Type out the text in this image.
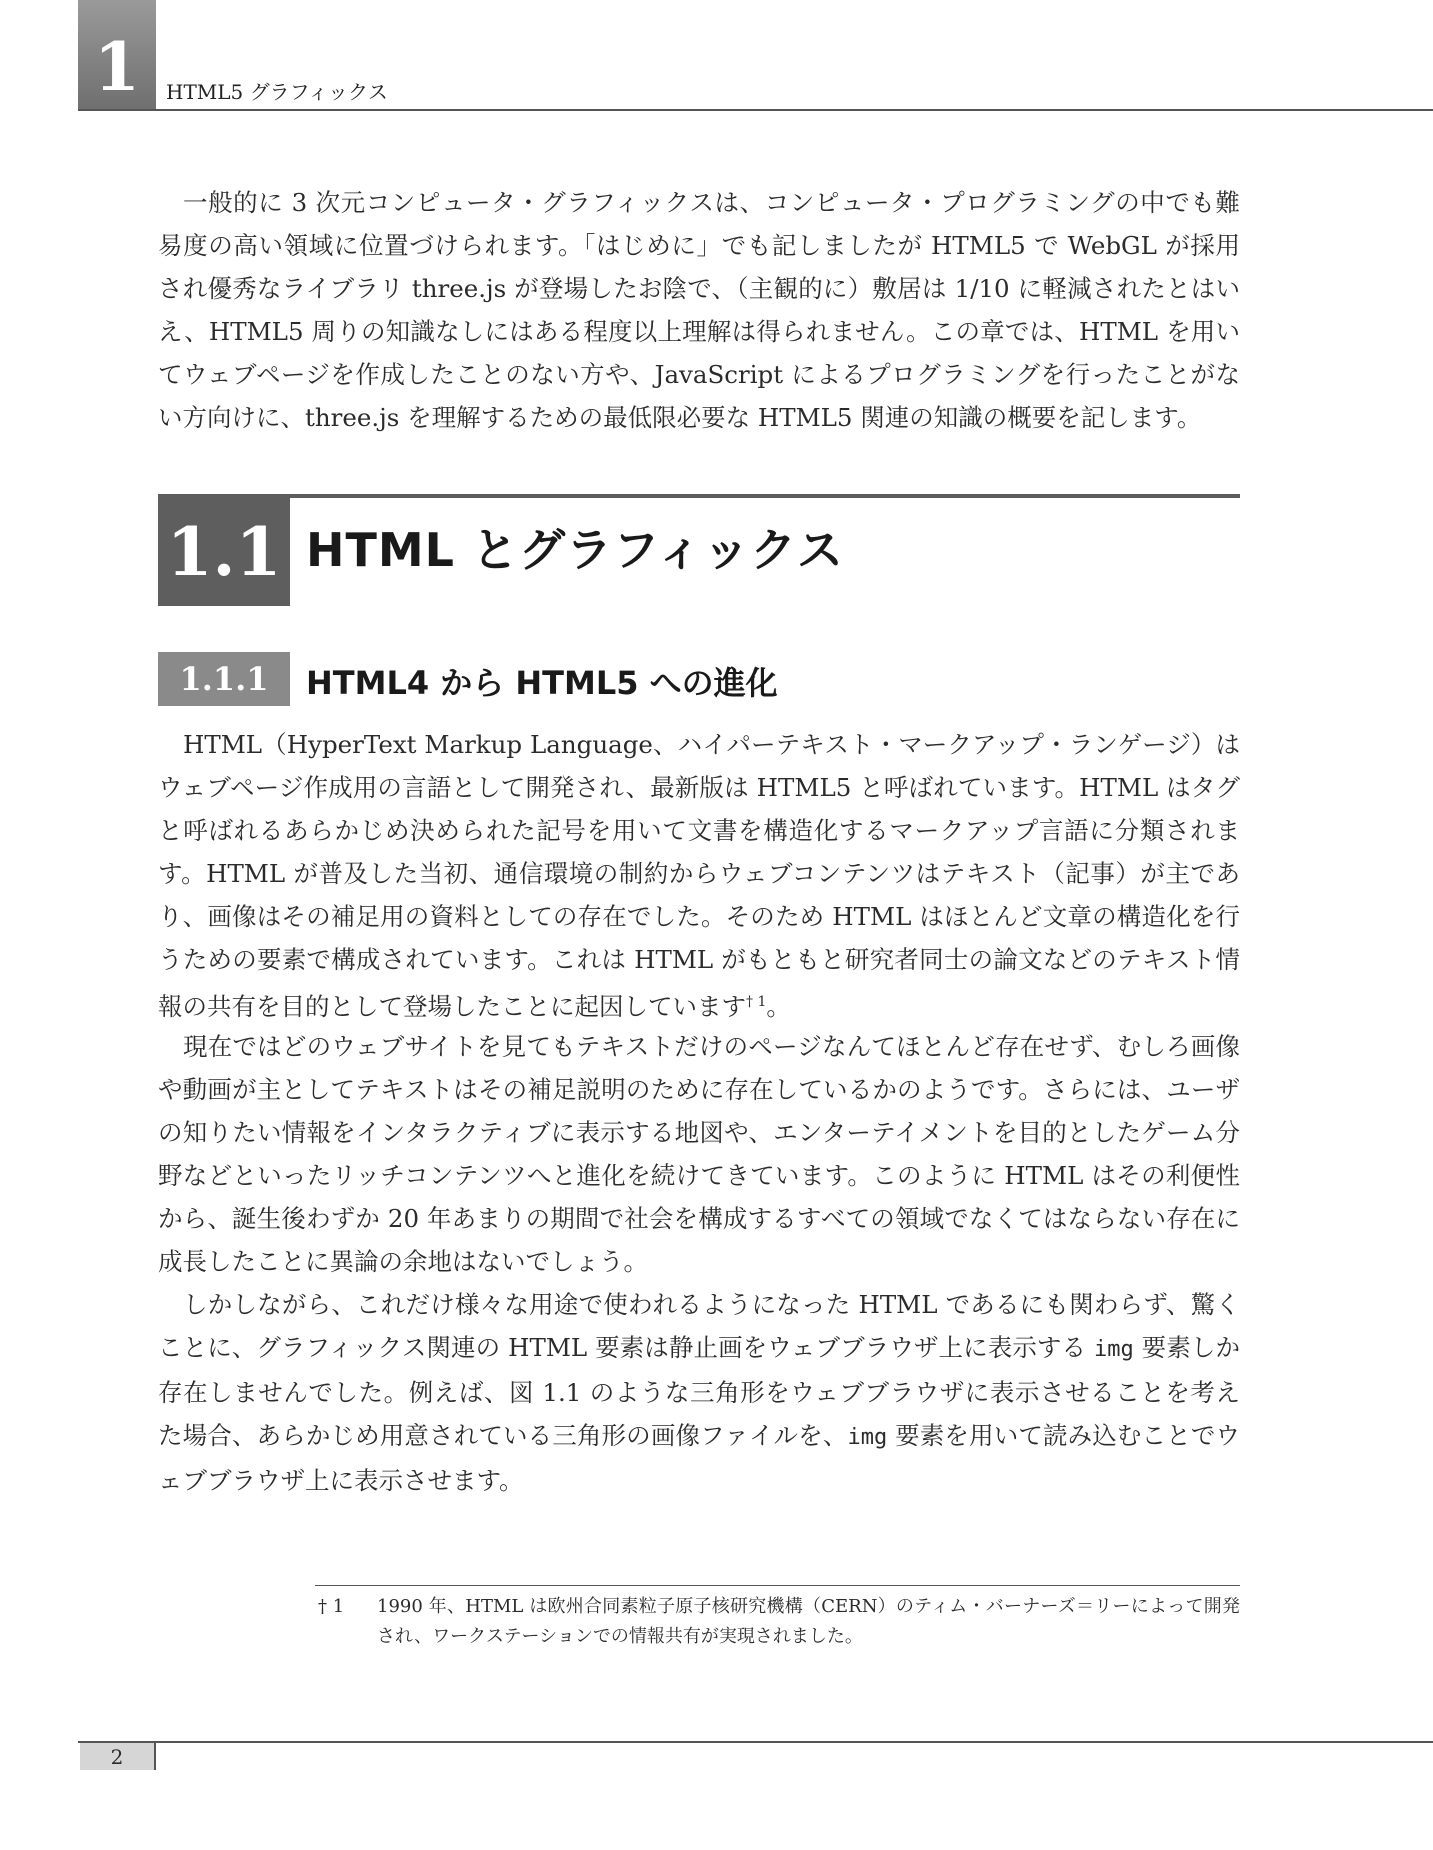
1	HTML5 グラフィックス

一般的に 3 次元コンピュータ・グラフィックスは、コンピュータ・プログラミングの中でも難易度の高い領域に位置づけられます。「はじめに」でも記しましたが HTML5 で WebGL が採用され優秀なライブラリ three.js が登場したお陰で、（主観的に）敷居は 1/10 に軽減されたとはいえ、HTML5 周りの知識なしにはある程度以上理解は得られません。この章では、HTML を用いてウェブページを作成したことのない方や、JavaScript によるプログラミングを行ったことがない方向けに、three.js を理解するための最低限必要な HTML5 関連の知識の概要を記します。

1.1 HTML とグラフィックス
1.1.1	HTML4 から HTML5 への進化

HTML（HyperText Markup Language、ハイパーテキスト・マークアップ・ランゲージ）はウェブページ作成用の言語として開発され、最新版は HTML5 と呼ばれています。HTML はタグと呼ばれるあらかじめ決められた記号を用いて文書を構造化するマークアップ言語に分類されます。HTML が普及した当初、通信環境の制約からウェブコンテンツはテキスト（記事）が主であり、画像はその補足用の資料としての存在でした。そのため HTML はほとんど文章の構造化を行うための要素で構成されています。これは HTML がもともと研究者同士の論文などのテキスト情報の共有を目的として登場したことに起因しています$^{\dagger 1}$。

現在ではどのウェブサイトを見てもテキストだけのページなんてほとんど存在せず、むしろ画像や動画が主としてテキストはその補足説明のために存在しているかのようです。さらには、ユーザの知りたい情報をインタラクティブに表示する地図や、エンターテイメントを目的としたゲーム分野などといったリッチコンテンツへと進化を続けてきています。このように HTML はその利便性から、誕生後わずか 20 年あまりの期間で社会を構成するすべての領域でなくてはならない存在に成長したことに異論の余地はないでしょう。

しかしながら、これだけ様々な用途で使われるようになった HTML であるにも関わらず、驚くことに、グラフィックス関連の HTML 要素は静止画をウェブブラウザ上に表示する img 要素しか存在しませんでした。例えば、図 1.1 のような三角形をウェブブラウザに表示させることを考えた場合、あらかじめ用意されている三角形の画像ファイルを、img 要素を用いて読み込むことでウェブブラウザ上に表示させます。

† 1 1990 年、HTML は欧州合同素粒子原子核研究機構（CERN）のティム・バーナーズ＝リーによって開発され、ワークステーションでの情報共有が実現されました。

2
